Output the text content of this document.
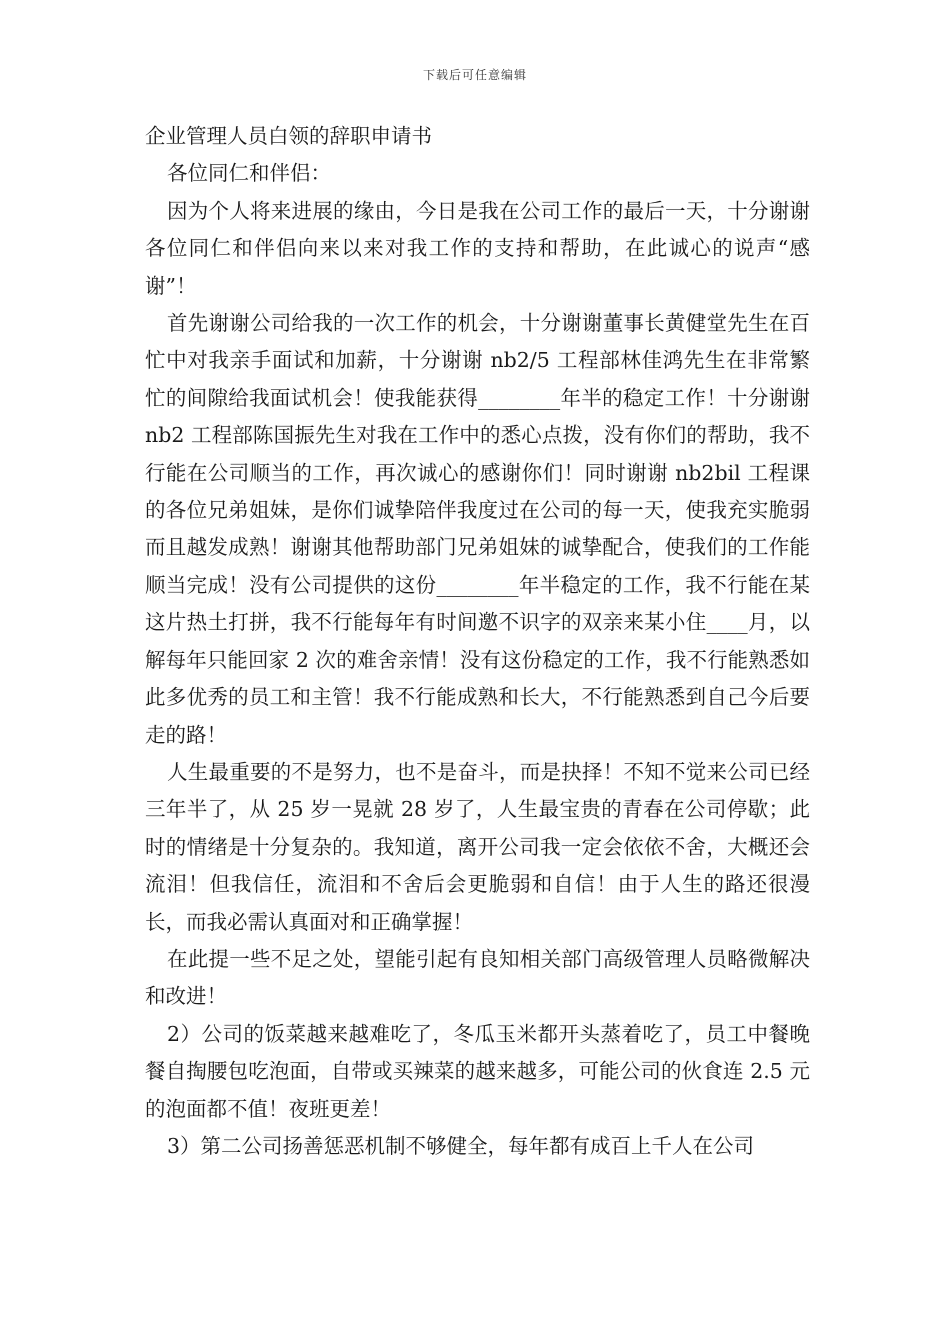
下载后可任意编辑

企业管理人员白领的辞职申请书

各位同仁和伴侣：

因为个人将来进展的缘由，今日是我在公司工作的最后一天，十分谢谢各位同仁和伴侣向来以来对我工作的支持和帮助，在此诚心的说声“感谢”！

首先谢谢公司给我的一次工作的机会，十分谢谢董事长黄健堂先生在百忙中对我亲手面试和加薪，十分谢谢 nb2/5 工程部林佳鸿先生在非常繁忙的间隙给我面试机会！使我能获得________年半的稳定工作！十分谢谢 nb2 工程部陈国振先生对我在工作中的悉心点拨，没有你们的帮助，我不行能在公司顺当的工作，再次诚心的感谢你们！同时谢谢 nb2bil 工程课的各位兄弟姐妹，是你们诚挚陪伴我度过在公司的每一天，使我充实脆弱而且越发成熟！谢谢其他帮助部门兄弟姐妹的诚挚配合，使我们的工作能顺当完成！没有公司提供的这份________年半稳定的工作，我不行能在某这片热土打拼，我不行能每年有时间邀不识字的双亲来某小住____月，以解每年只能回家 2 次的难舍亲情！没有这份稳定的工作，我不行能熟悉如此多优秀的员工和主管！我不行能成熟和长大，不行能熟悉到自己今后要走的路！

人生最重要的不是努力，也不是奋斗，而是抉择！不知不觉来公司已经三年半了，从 25 岁一晃就 28 岁了，人生最宝贵的青春在公司停歇；此时的情绪是十分复杂的。我知道，离开公司我一定会依依不舍，大概还会流泪！但我信任，流泪和不舍后会更脆弱和自信！由于人生的路还很漫长，而我必需认真面对和正确掌握！

在此提一些不足之处，望能引起有良知相关部门高级管理人员略微解决和改进！

2）公司的饭菜越来越难吃了，冬瓜玉米都开头蒸着吃了，员工中餐晚餐自掏腰包吃泡面，自带或买辣菜的越来越多，可能公司的伙食连 2.5 元的泡面都不值！夜班更差！

3）第二公司扬善惩恶机制不够健全，每年都有成百上千人在公司
